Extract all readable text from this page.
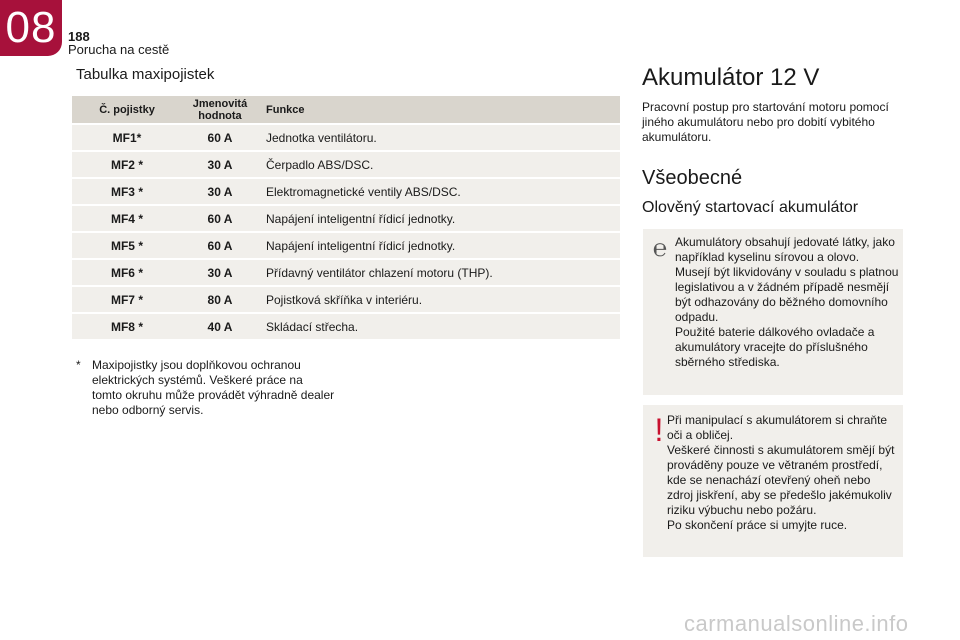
08 188
Porucha na cestě
Tabulka maxipojistek
Č. pojistky	Jmenovitá hodnota	Funkce
MF1*	60 A	Jednotka ventilátoru.
MF2 *	30 A	Čerpadlo ABS/DSC.
MF3 *	30 A	Elektromagnetické ventily ABS/DSC.
MF4 *	60 A	Napájení inteligentní řídicí jednotky.
MF5 *	60 A	Napájení inteligentní řídicí jednotky.
MF6 *	30 A	Přídavný ventilátor chlazení motoru (THP).
MF7 *	80 A	Pojistková skříňka v interiéru.
MF8 *	40 A	Skládací střecha.
* Maxipojistky jsou doplňkovou ochranou elektrických systémů. Veškeré práce na tomto okruhu může provádět výhradně dealer nebo odborný servis.
Akumulátor 12 V
Pracovní postup pro startování motoru pomocí jiného akumulátoru nebo pro dobití vybitého akumulátoru.
Všeobecné
Olověný startovací akumulátor
℮ Akumulátory obsahují jedovaté látky, jako například kyselinu sírovou a olovo.
Musejí být likvidovány v souladu s platnou legislativou a v žádném případě nesmějí být odhazovány do běžného domovního odpadu.
Použité baterie dálkového ovladače a akumulátory vracejte do příslušného sběrného střediska.
! Při manipulací s akumulátorem si chraňte oči a obličej.
Veškeré činnosti s akumulátorem smějí být prováděny pouze ve větraném prostředí, kde se nenachází otevřený oheň nebo zdroj jiskření, aby se předešlo jakémukoliv riziku výbuchu nebo požáru.
Po skončení práce si umyjte ruce.
carmanualsonline.info
